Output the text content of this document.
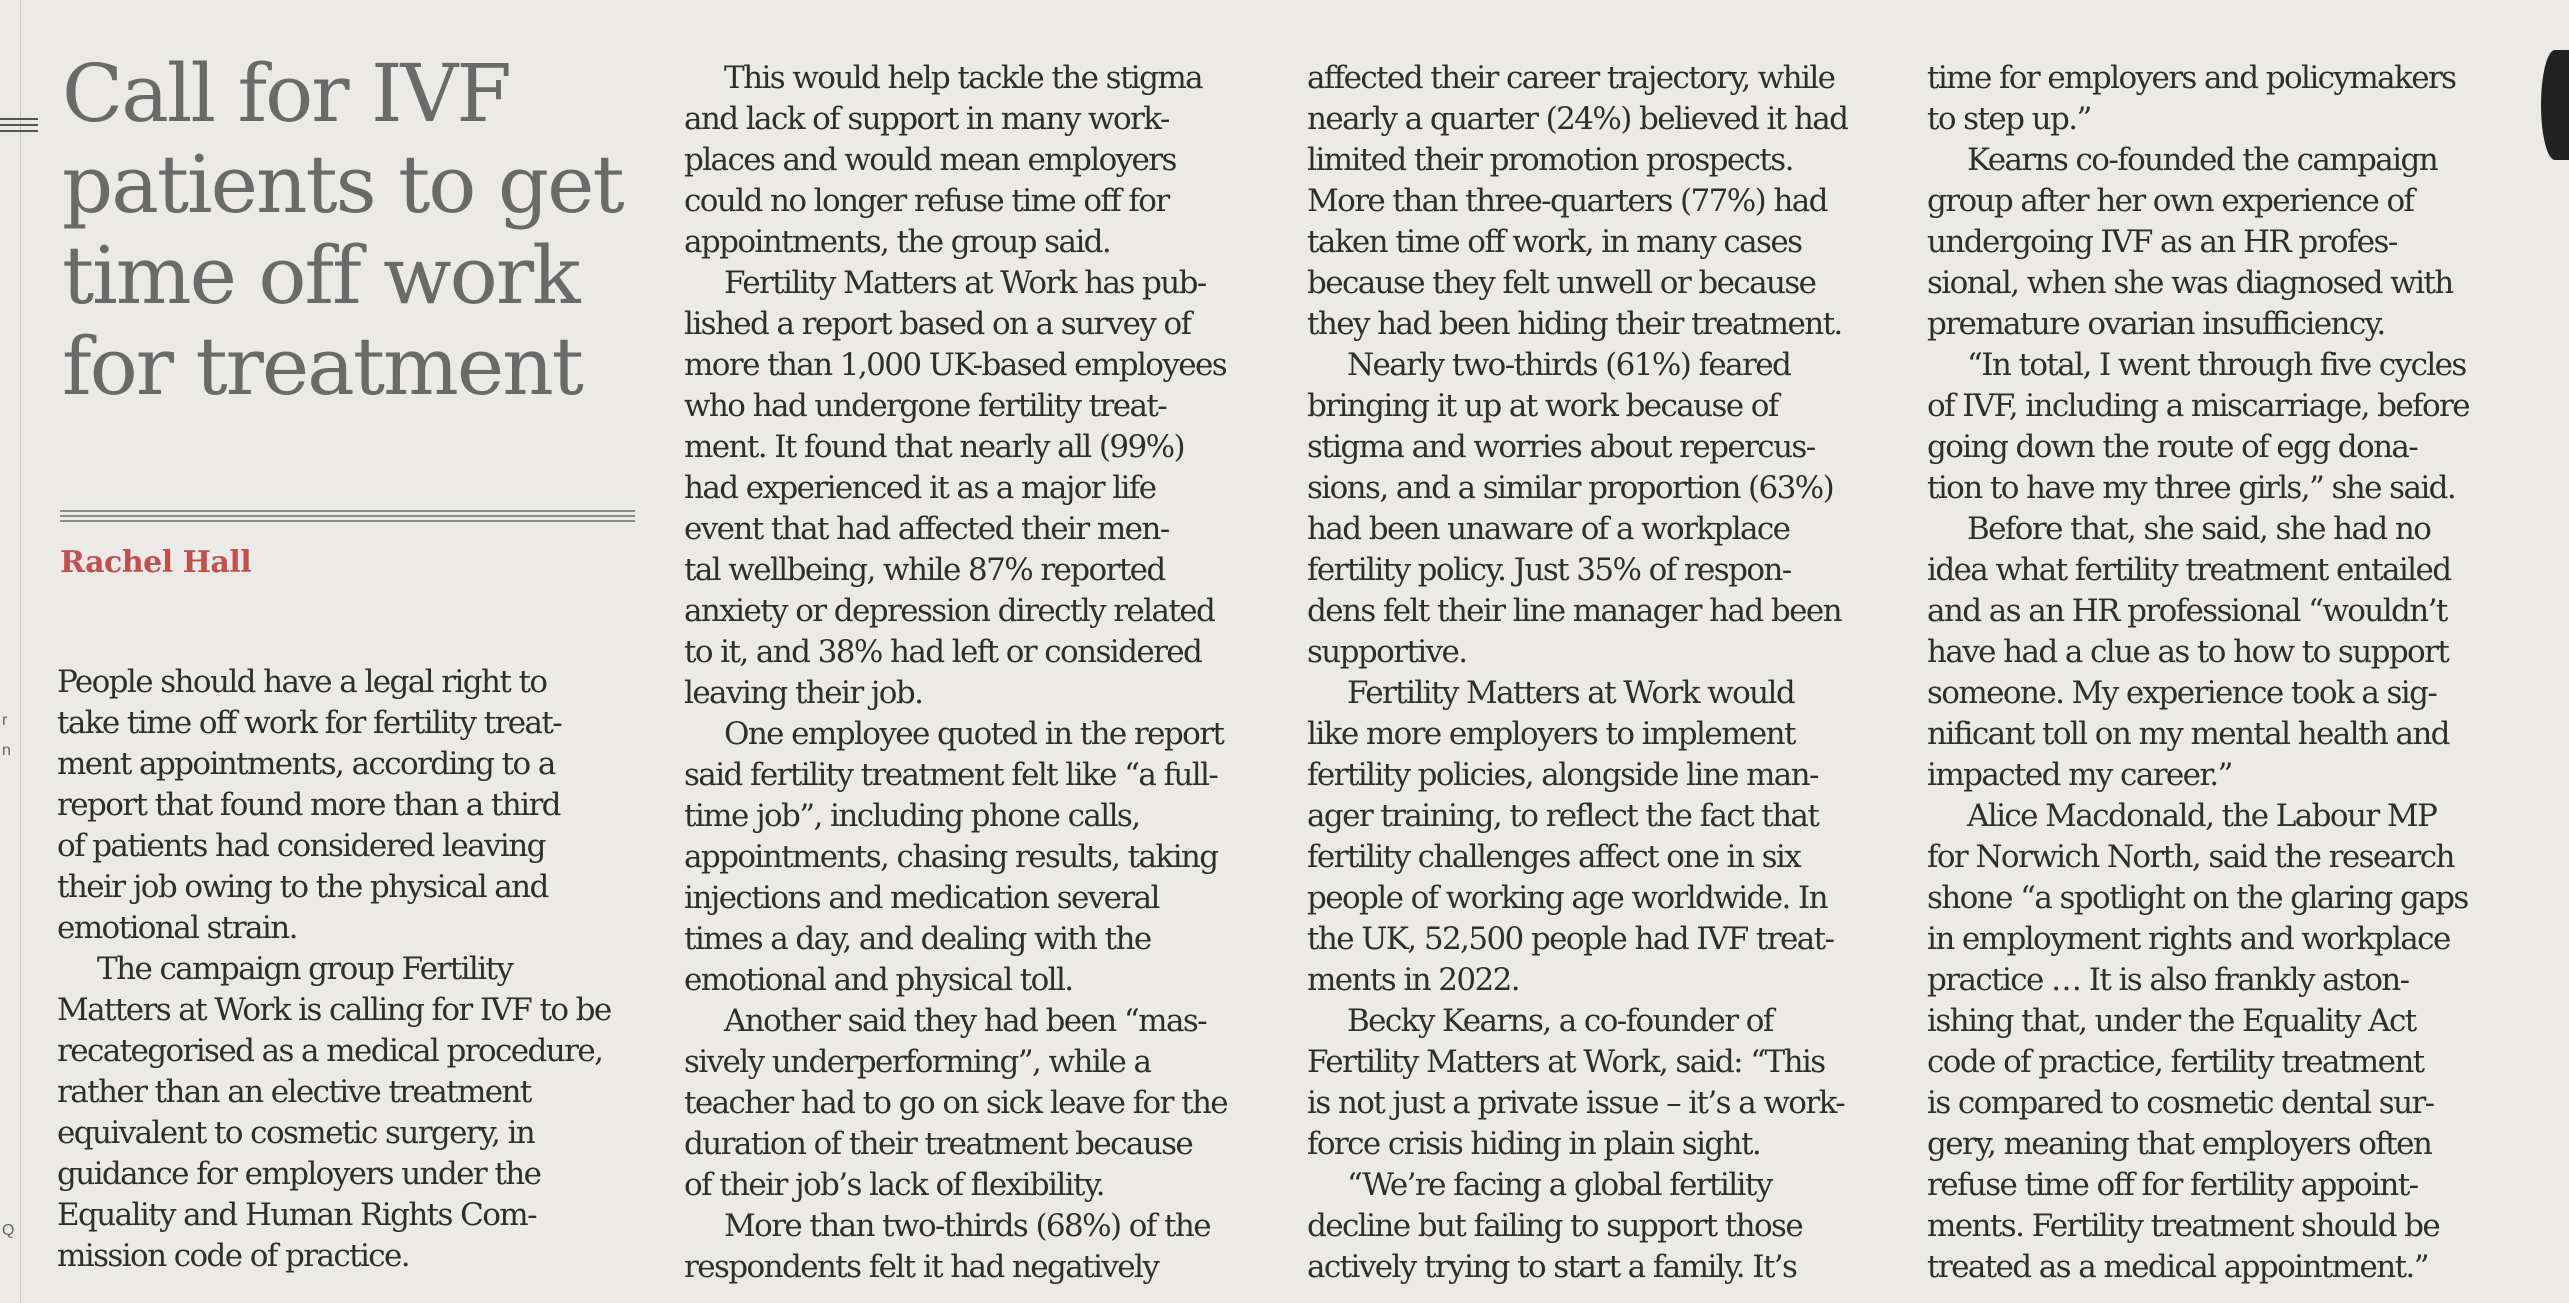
r
n
Q
Call for IVF
patients to get
time off work
for treatment

Rachel Hall

People should have a legal right to
take time off work for fertility treat-
ment appointments, according to a
report that found more than a third
of patients had considered leaving
their job owing to the physical and
emotional strain.

The campaign group Fertility
Matters at Work is calling for IVF to be
recategorised as a medical procedure,
rather than an elective treatment
equivalent to cosmetic surgery, in
guidance for employers under the
Equality and Human Rights Com-
mission code of practice.

This would help tackle the stigma
and lack of support in many work-
places and would mean employers
could no longer refuse time off for
appointments, the group said.

Fertility Matters at Work has pub-
lished a report based on a survey of
more than 1,000 UK-based employees
who had undergone fertility treat-
ment. It found that nearly all (99%)
had experienced it as a major life
event that had affected their men-
tal wellbeing, while 87% reported
anxiety or depression directly related
to it, and 38% had left or considered
leaving their job.

One employee quoted in the report
said fertility treatment felt like “a full-
time job”, including phone calls,
appointments, chasing results, taking
injections and medication several
times a day, and dealing with the
emotional and physical toll.

Another said they had been “mas-
sively underperforming”, while a
teacher had to go on sick leave for the
duration of their treatment because
of their job’s lack of flexibility.

More than two-thirds (68%) of the
respondents felt it had negatively

affected their career trajectory, while
nearly a quarter (24%) believed it had
limited their promotion prospects.
More than three-quarters (77%) had
taken time off work, in many cases
because they felt unwell or because
they had been hiding their treatment.

Nearly two-thirds (61%) feared
bringing it up at work because of
stigma and worries about repercus-
sions, and a similar proportion (63%)
had been unaware of a workplace
fertility policy. Just 35% of respon-
dens felt their line manager had been
supportive.

Fertility Matters at Work would
like more employers to implement
fertility policies, alongside line man-
ager training, to reflect the fact that
fertility challenges affect one in six
people of working age worldwide. In
the UK, 52,500 people had IVF treat-
ments in 2022.

Becky Kearns, a co-founder of
Fertility Matters at Work, said: “This
is not just a private issue – it’s a work-
force crisis hiding in plain sight.

“We’re facing a global fertility
decline but failing to support those
actively trying to start a family. It’s

time for employers and policymakers
to step up.”

Kearns co-founded the campaign
group after her own experience of
undergoing IVF as an HR profes-
sional, when she was diagnosed with
premature ovarian insufficiency.

“In total, I went through five cycles
of IVF, including a miscarriage, before
going down the route of egg dona-
tion to have my three girls,” she said.

Before that, she said, she had no
idea what fertility treatment entailed
and as an HR professional “wouldn’t
have had a clue as to how to support
someone. My experience took a sig-
nificant toll on my mental health and
impacted my career.”

Alice Macdonald, the Labour MP
for Norwich North, said the research
shone “a spotlight on the glaring gaps
in employment rights and workplace
practice … It is also frankly aston-
ishing that, under the Equality Act
code of practice, fertility treatment
is compared to cosmetic dental sur-
gery, meaning that employers often
refuse time off for fertility appoint-
ments. Fertility treatment should be
treated as a medical appointment.”
